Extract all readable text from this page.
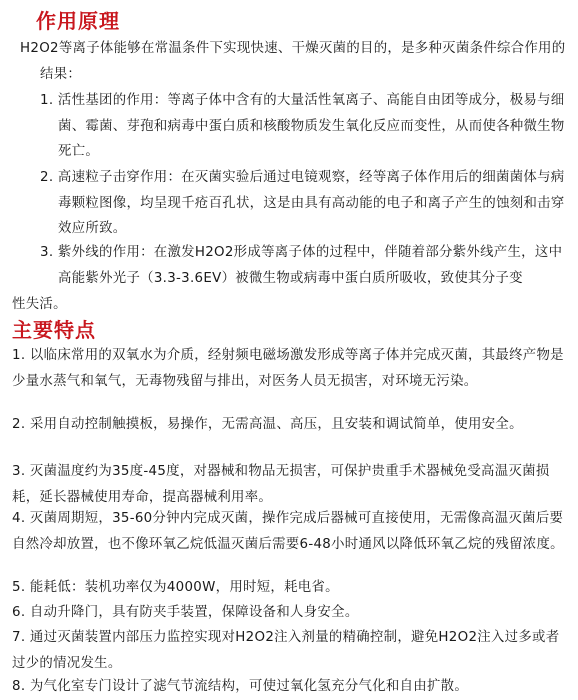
作用原理
H2O2等离子体能够在常温条件下实现快速、干燥灭菌的目的，是多种灭菌条件综合作用的结果：
1. 活性基团的作用：等离子体中含有的大量活性氧离子、高能自由团等成分，极易与细菌、霉菌、芽孢和病毒中蛋白质和核酸物质发生氧化反应而变性，从而使各种微生物死亡。
2. 高速粒子击穿作用：在灭菌实验后通过电镜观察，经等离子体作用后的细菌菌体与病毒颗粒图像，均呈现千疮百孔状，这是由具有高动能的电子和离子产生的蚀刻和击穿效应所致。
3. 紫外线的作用：在激发H2O2形成等离子体的过程中，伴随着部分紫外线产生，这中高能紫外光子（3.3-3.6EV）被微生物或病毒中蛋白质所吸收，致使其分子变
性失活。
主要特点
1. 以临床常用的双氧水为介质，经射频电磁场激发形成等离子体并完成灭菌，其最终产物是少量水蒸气和氧气，无毒物残留与排出，对医务人员无损害，对环境无污染。
2. 采用自动控制触摸板，易操作，无需高温、高压，且安装和调试简单，使用安全。
3. 灭菌温度约为35度-45度，对器械和物品无损害，可保护贵重手术器械免受高温灭菌损耗，延长器械使用寿命，提高器械利用率。
4. 灭菌周期短，35-60分钟内完成灭菌，操作完成后器械可直接使用，无需像高温灭菌后要自然冷却放置，也不像环氧乙烷低温灭菌后需要6-48小时通风以降低环氧乙烷的残留浓度。
5. 能耗低：装机功率仅为4000W，用时短，耗电省。
6. 自动升降门，具有防夹手装置，保障设备和人身安全。
7. 通过灭菌装置内部压力监控实现对H2O2注入剂量的精确控制，避免H2O2注入过多或者过少的情况发生。
8. 为气化室专门设计了滤气节流结构，可使过氧化氢充分气化和自由扩散。
